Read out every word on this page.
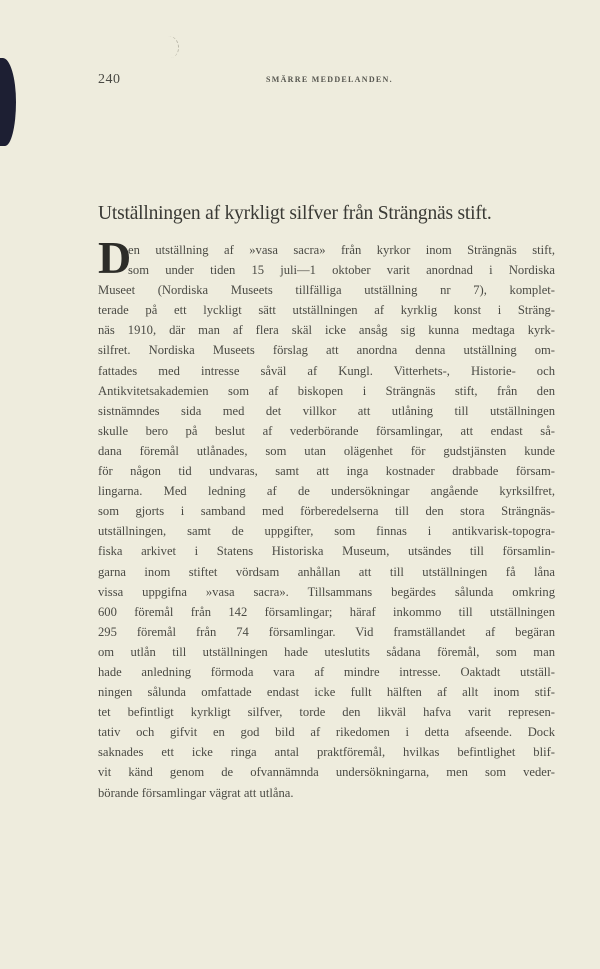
240	SMÄRRE MEDDELANDEN.
Utställningen af kyrkligt silfver från Strängnäs stift.
D
en utställning af »vasa sacra» från kyrkor inom Strängnäs stift,
som under tiden 15 juli—1 oktober varit anordnad i Nordiska
Museet (Nordiska Museets tillfälliga utställning nr 7), komplet-
terade på ett lyckligt sätt utställningen af kyrklig konst i Sträng-
näs 1910, där man af flera skäl icke ansåg sig kunna medtaga kyrk-
silfret. Nordiska Museets förslag att anordna denna utställning om-
fattades med intresse såväl af Kungl. Vitterhets-, Historie- och
Antikvitetsakademien som af biskopen i Strängnäs stift, från den
sistnämndes sida med det villkor att utlåning till utställningen
skulle bero på beslut af vederbörande församlingar, att endast så-
dana föremål utlånades, som utan olägenhet för gudstjänsten kunde
för någon tid undvaras, samt att inga kostnader drabbade försam-
lingarna. Med ledning af de undersökningar angående kyrksilfret,
som gjorts i samband med förberedelserna till den stora Strängnäs-
utställningen, samt de uppgifter, som finnas i antikvarisk-topogra-
fiska arkivet i Statens Historiska Museum, utsändes till församlin-
garna inom stiftet vördsam anhållan att till utställningen få låna
vissa uppgifna »vasa sacra». Tillsammans begärdes sålunda omkring
600 föremål från 142 församlingar; häraf inkommo till utställningen
295 föremål från 74 församlingar. Vid framställandet af begäran
om utlån till utställningen hade uteslutits sådana föremål, som man
hade anledning förmoda vara af mindre intresse. Oaktadt utställ-
ningen sålunda omfattade endast icke fullt hälften af allt inom stif-
tet befintligt kyrkligt silfver, torde den likväl hafva varit represen-
tativ och gifvit en god bild af rikedomen i detta afseende. Dock
saknades ett icke ringa antal praktföremål, hvilkas befintlighet blif-
vit känd genom de ofvannämnda undersökningarna, men som veder-
börande församlingar vägrat att utlåna.
